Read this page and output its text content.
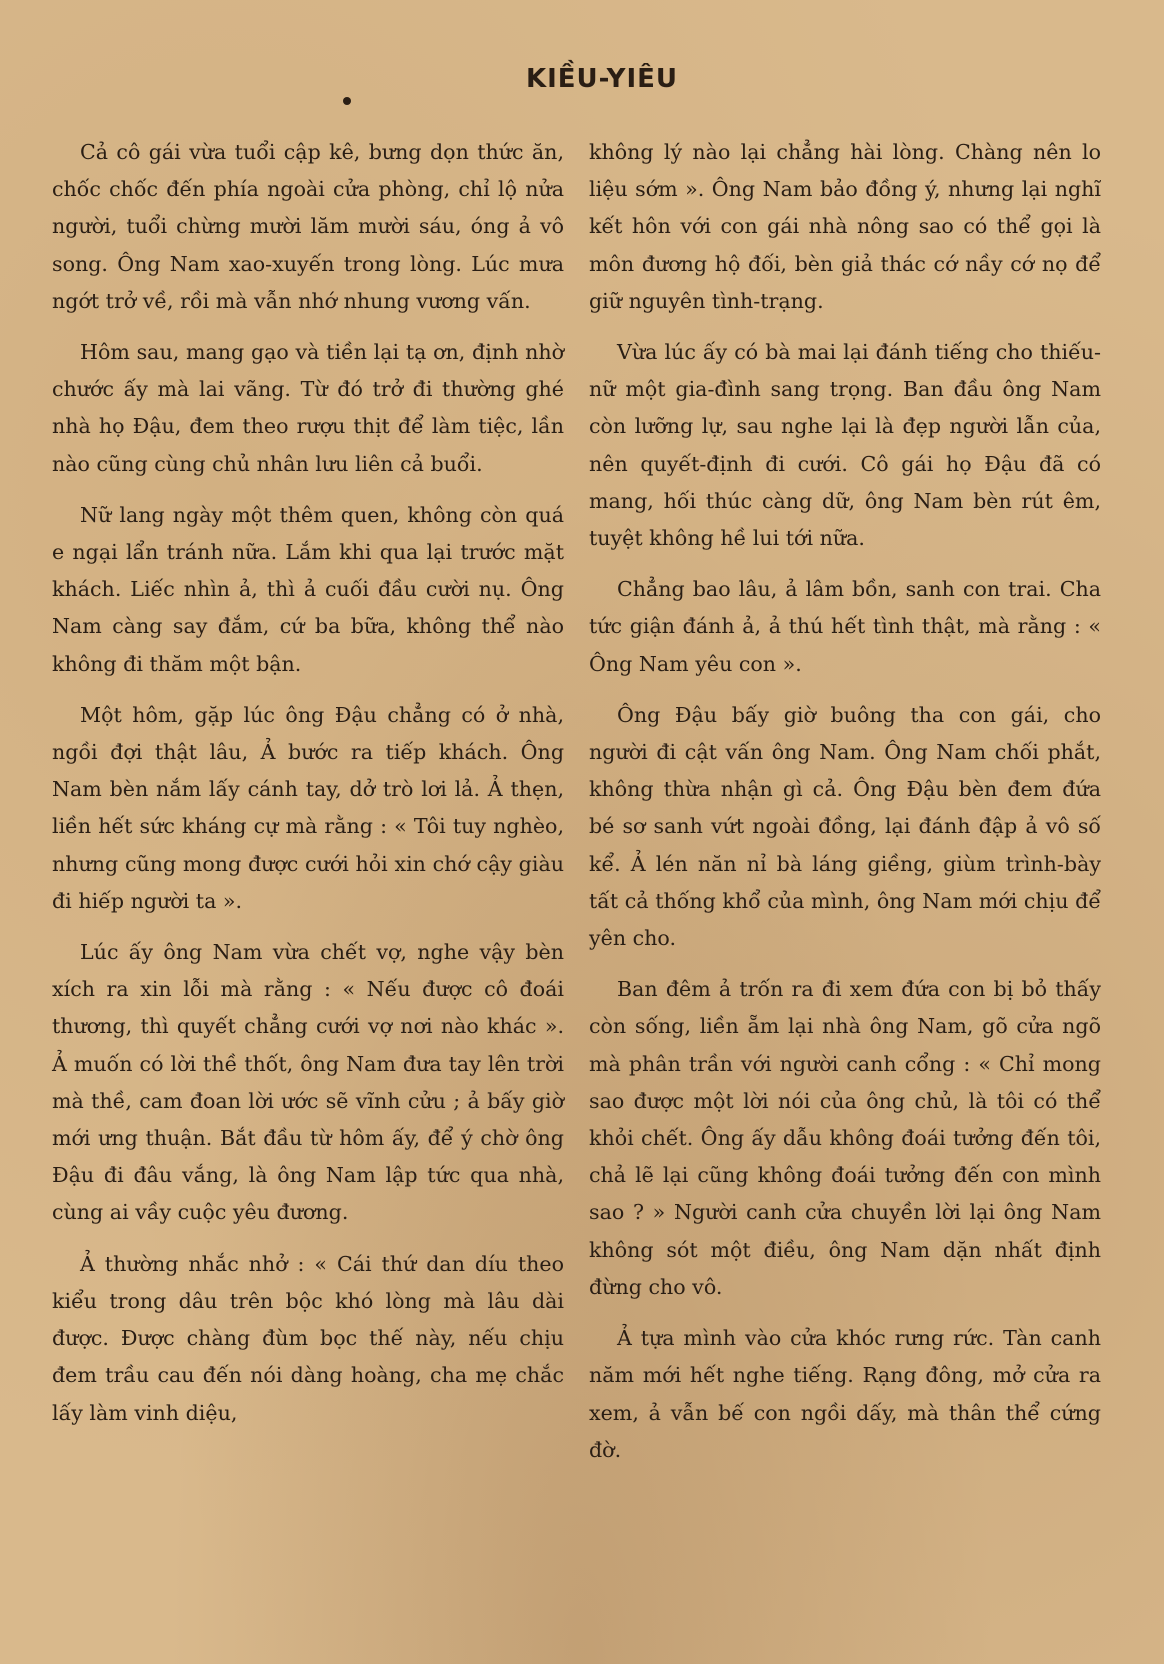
KIỀU-YIÊU

Cả cô gái vừa tuổi cập kê, bưng dọn thức ăn, chốc chốc đến phía ngoài cửa phòng, chỉ lộ nửa người, tuổi chừng mười lăm mười sáu, óng ả vô song. Ông Nam xao-xuyến trong lòng. Lúc mưa ngớt trở về, rồi mà vẫn nhớ nhung vương vấn.

Hôm sau, mang gạo và tiền lại tạ ơn, định nhờ chước ấy mà lai vãng. Từ đó trở đi thường ghé nhà họ Đậu, đem theo rượu thịt để làm tiệc, lần nào cũng cùng chủ nhân lưu liên cả buổi.

Nữ lang ngày một thêm quen, không còn quá e ngại lẩn tránh nữa. Lắm khi qua lại trước mặt khách. Liếc nhìn ả, thì ả cuối đầu cười nụ. Ông Nam càng say đắm, cứ ba bữa, không thể nào không đi thăm một bận.

Một hôm, gặp lúc ông Đậu chẳng có ở nhà, ngồi đợi thật lâu, Ả bước ra tiếp khách. Ông Nam bèn nắm lấy cánh tay, dở trò lơi lả. Ả thẹn, liền hết sức kháng cự mà rằng : « Tôi tuy nghèo, nhưng cũng mong được cưới hỏi xin chớ cậy giàu đi hiếp người ta ».

Lúc ấy ông Nam vừa chết vợ, nghe vậy bèn xích ra xin lỗi mà rằng : « Nếu được cô đoái thương, thì quyết chẳng cưới vợ nơi nào khác ». Ả muốn có lời thề thốt, ông Nam đưa tay lên trời mà thề, cam đoan lời ước sẽ vĩnh cửu ; ả bấy giờ mới ưng thuận. Bắt đầu từ hôm ấy, để ý chờ ông Đậu đi đâu vắng, là ông Nam lập tức qua nhà, cùng ai vầy cuộc yêu đương.

Ả thường nhắc nhở : « Cái thứ dan díu theo kiểu trong dâu trên bộc khó lòng mà lâu dài được. Được chàng đùm bọc thế này, nếu chịu đem trầu cau đến nói dàng hoàng, cha mẹ chắc lấy làm vinh diệu,

không lý nào lại chẳng hài lòng. Chàng nên lo liệu sớm ». Ông Nam bảo đồng ý, nhưng lại nghĩ kết hôn với con gái nhà nông sao có thể gọi là môn đương hộ đối, bèn giả thác cớ nầy cớ nọ để giữ nguyên tình-trạng.

Vừa lúc ấy có bà mai lại đánh tiếng cho thiếu-nữ một gia-đình sang trọng. Ban đầu ông Nam còn lưỡng lự, sau nghe lại là đẹp người lẫn của, nên quyết-định đi cưới. Cô gái họ Đậu đã có mang, hối thúc càng dữ, ông Nam bèn rút êm, tuyệt không hề lui tới nữa.

Chẳng bao lâu, ả lâm bồn, sanh con trai. Cha tức giận đánh ả, ả thú hết tình thật, mà rằng : « Ông Nam yêu con ».

Ông Đậu bấy giờ buông tha con gái, cho người đi cật vấn ông Nam. Ông Nam chối phắt, không thừa nhận gì cả. Ông Đậu bèn đem đứa bé sơ sanh vứt ngoài đồng, lại đánh đập ả vô số kể. Ả lén năn nỉ bà láng giềng, giùm trình-bày tất cả thống khổ của mình, ông Nam mới chịu để yên cho.

Ban đêm ả trốn ra đi xem đứa con bị bỏ thấy còn sống, liền ẵm lại nhà ông Nam, gõ cửa ngõ mà phân trần với người canh cổng : « Chỉ mong sao được một lời nói của ông chủ, là tôi có thể khỏi chết. Ông ấy dẫu không đoái tưởng đến tôi, chả lẽ lại cũng không đoái tưởng đến con mình sao ? » Người canh cửa chuyền lời lại ông Nam không sót một điều, ông Nam dặn nhất định đừng cho vô.

Ả tựa mình vào cửa khóc rưng rức. Tàn canh năm mới hết nghe tiếng. Rạng đông, mở cửa ra xem, ả vẫn bế con ngồi dấy, mà thân thể cứng đờ.
